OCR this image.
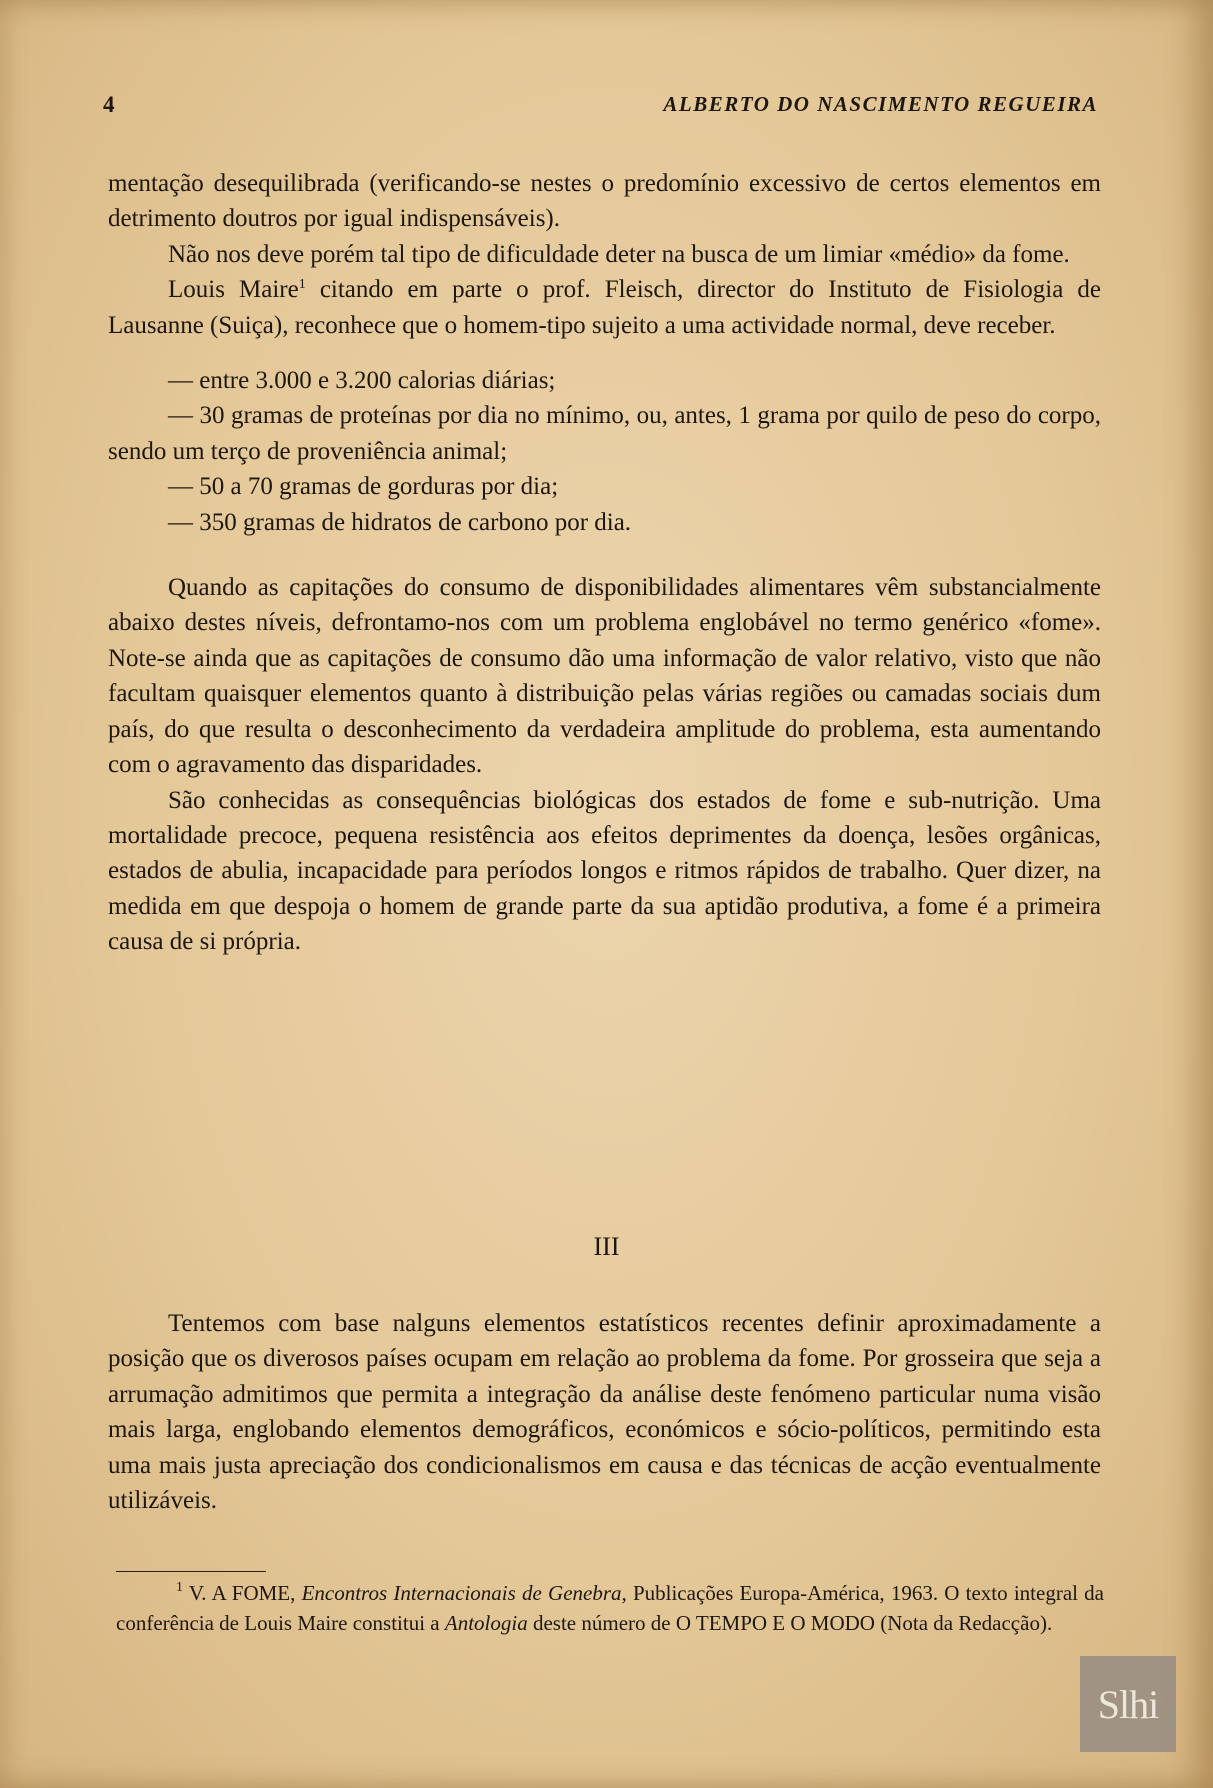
4	ALBERTO DO NASCIMENTO REGUEIRA

mentação desequilibrada (verificando-se nestes o predomínio excessivo de certos elementos em detrimento doutros por igual indispensáveis).

Não nos deve porém tal tipo de dificuldade deter na busca de um limiar «médio» da fome.

Louis Maire$^1$ citando em parte o prof. Fleisch, director do Instituto de Fisiologia de Lausanne (Suiça), reconhece que o homem-tipo sujeito a uma actividade normal, deve receber.

— entre 3.000 e 3.200 calorias diárias;

— 30 gramas de proteínas por dia no mínimo, ou, antes, 1 grama por quilo de peso do corpo, sendo um terço de proveniência animal;

— 50 a 70 gramas de gorduras por dia;

— 350 gramas de hidratos de carbono por dia.

Quando as capitações do consumo de disponibilidades alimentares vêm substancialmente abaixo destes níveis, defrontamo-nos com um problema englobável no termo genérico «fome». Note-se ainda que as capitações de consumo dão uma informação de valor relativo, visto que não facultam quaisquer elementos quanto à distribuição pelas várias regiões ou camadas sociais dum país, do que resulta o desconhecimento da verdadeira amplitude do problema, esta aumentando com o agravamento das disparidades.

São conhecidas as consequências biológicas dos estados de fome e sub-nutrição. Uma mortalidade precoce, pequena resistência aos efeitos deprimentes da doença, lesões orgânicas, estados de abulia, incapacidade para períodos longos e ritmos rápidos de trabalho. Quer dizer, na medida em que despoja o homem de grande parte da sua aptidão produtiva, a fome é a primeira causa de si própria.

III

Tentemos com base nalguns elementos estatísticos recentes definir aproximadamente a posição que os diverosos países ocupam em relação ao problema da fome. Por grosseira que seja a arrumação admitimos que permita a integração da análise deste fenómeno particular numa visão mais larga, englobando elementos demográficos, económicos e sócio-políticos, permitindo esta uma mais justa apreciação dos condicionalismos em causa e das técnicas de acção eventualmente utilizáveis.

$^1$ V. A FOME, Encontros Internacionais de Genebra, Publicações Europa-América, 1963. O texto integral da conferência de Louis Maire constitui a Antologia deste número de O TEMPO E O MODO (Nota da Redacção).

Slhi
